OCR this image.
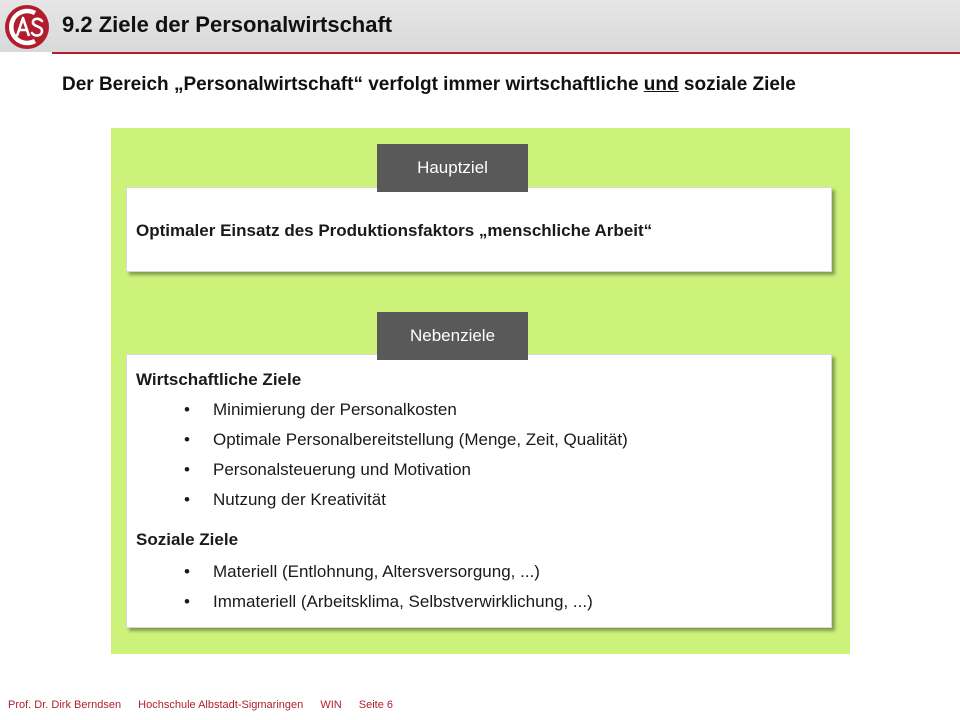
9.2 Ziele der Personalwirtschaft
Der Bereich „Personalwirtschaft“ verfolgt immer wirtschaftliche und soziale Ziele
Hauptziel
Optimaler Einsatz des Produktionsfaktors „menschliche Arbeit“
Nebenziele
Wirtschaftliche Ziele
• Minimierung der Personalkosten
• Optimale Personalbereitstellung (Menge, Zeit, Qualität)
• Personalsteuerung und Motivation
• Nutzung der Kreativität
Soziale Ziele
• Materiell (Entlohnung, Altersversorgung, ...)
• Immateriell (Arbeitsklima, Selbstverwirklichung, ...)
Prof. Dr. Dirk Berndsen Hochschule Albstadt-Sigmaringen WIN Seite 6
